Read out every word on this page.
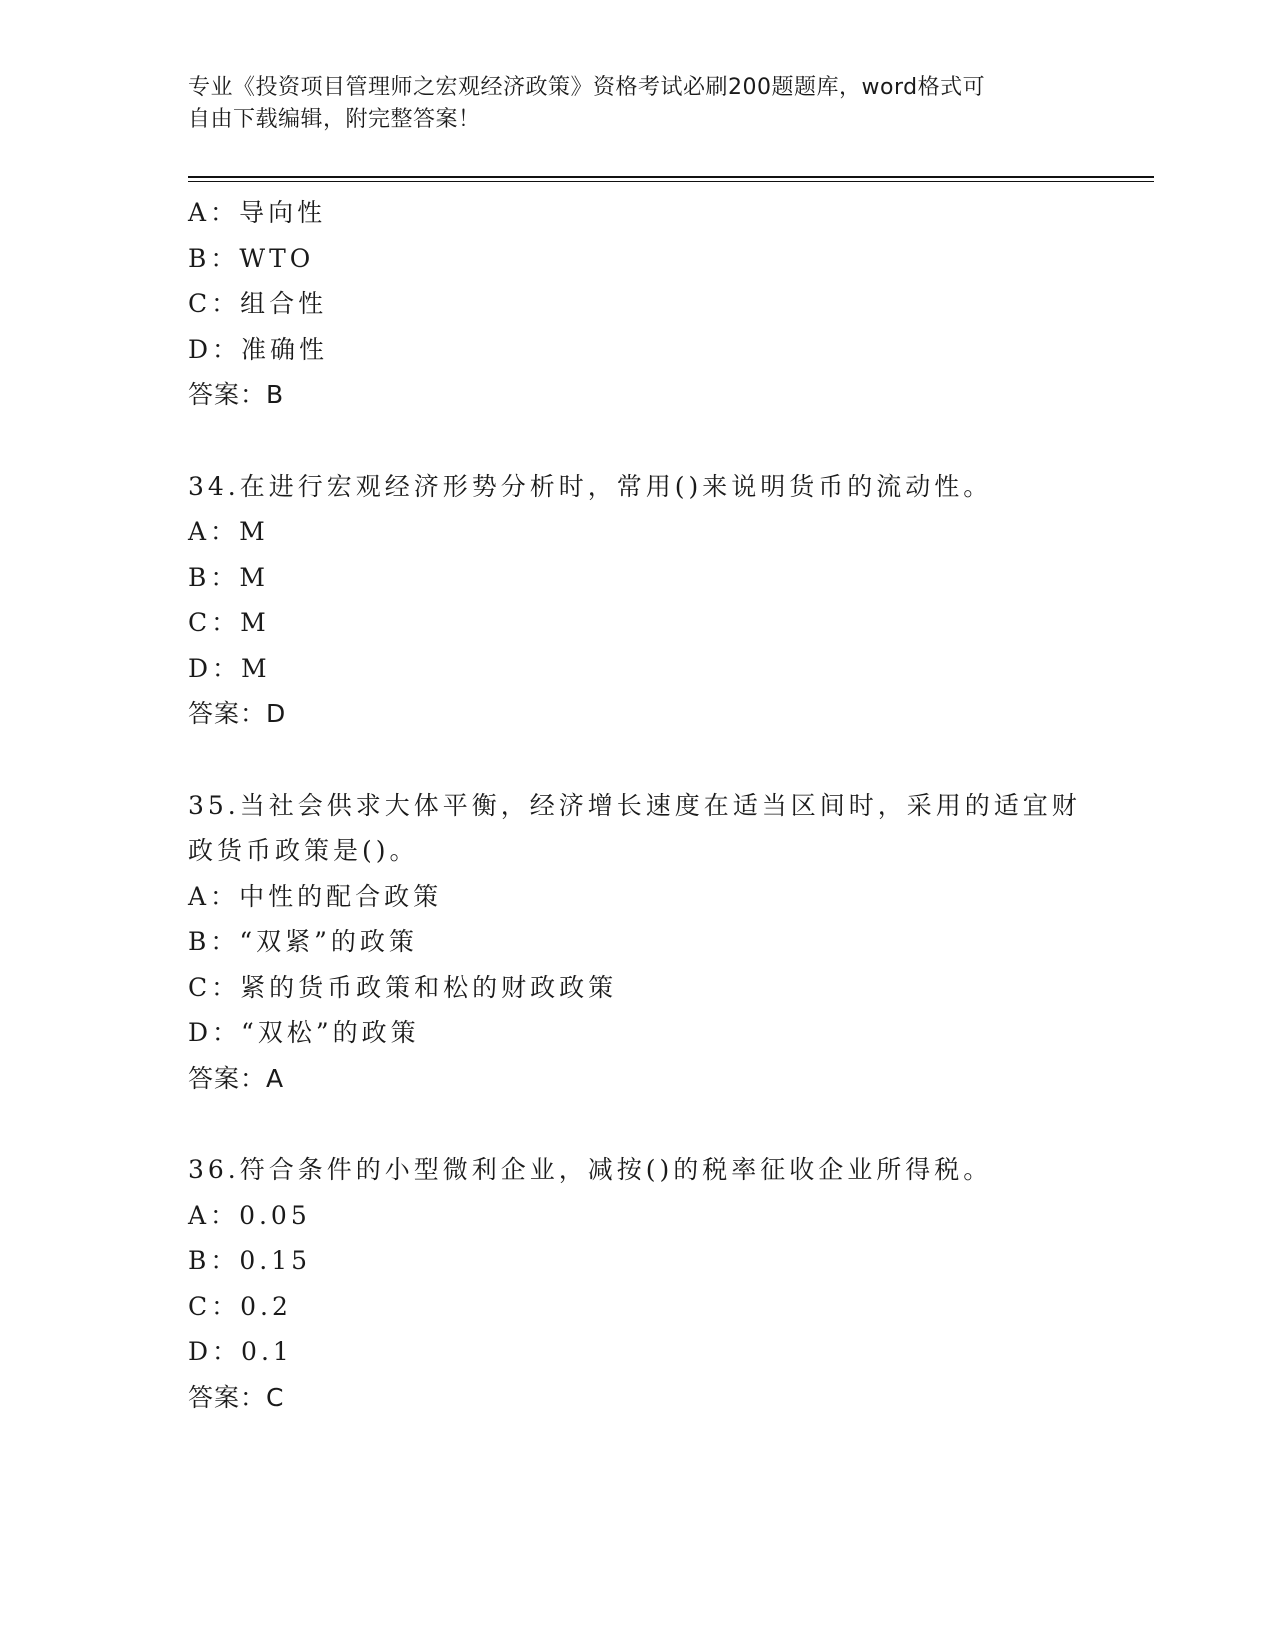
专业《投资项目管理师之宏观经济政策》资格考试必刷200题题库，word格式可
自由下载编辑，附完整答案！
A：导向性
B：WTO
C：组合性
D：准确性
答案：B
34.在进行宏观经济形势分析时，常用()来说明货币的流动性。
A：M
B：M
C：M
D：M
答案：D
35.当社会供求大体平衡，经济增长速度在适当区间时，采用的适宜财
政货币政策是()。
A：中性的配合政策
B：“双紧”的政策
C：紧的货币政策和松的财政政策
D：“双松”的政策
答案：A
36.符合条件的小型微利企业，减按()的税率征收企业所得税。
A：0.05
B：0.15
C：0.2
D：0.1
答案：C
